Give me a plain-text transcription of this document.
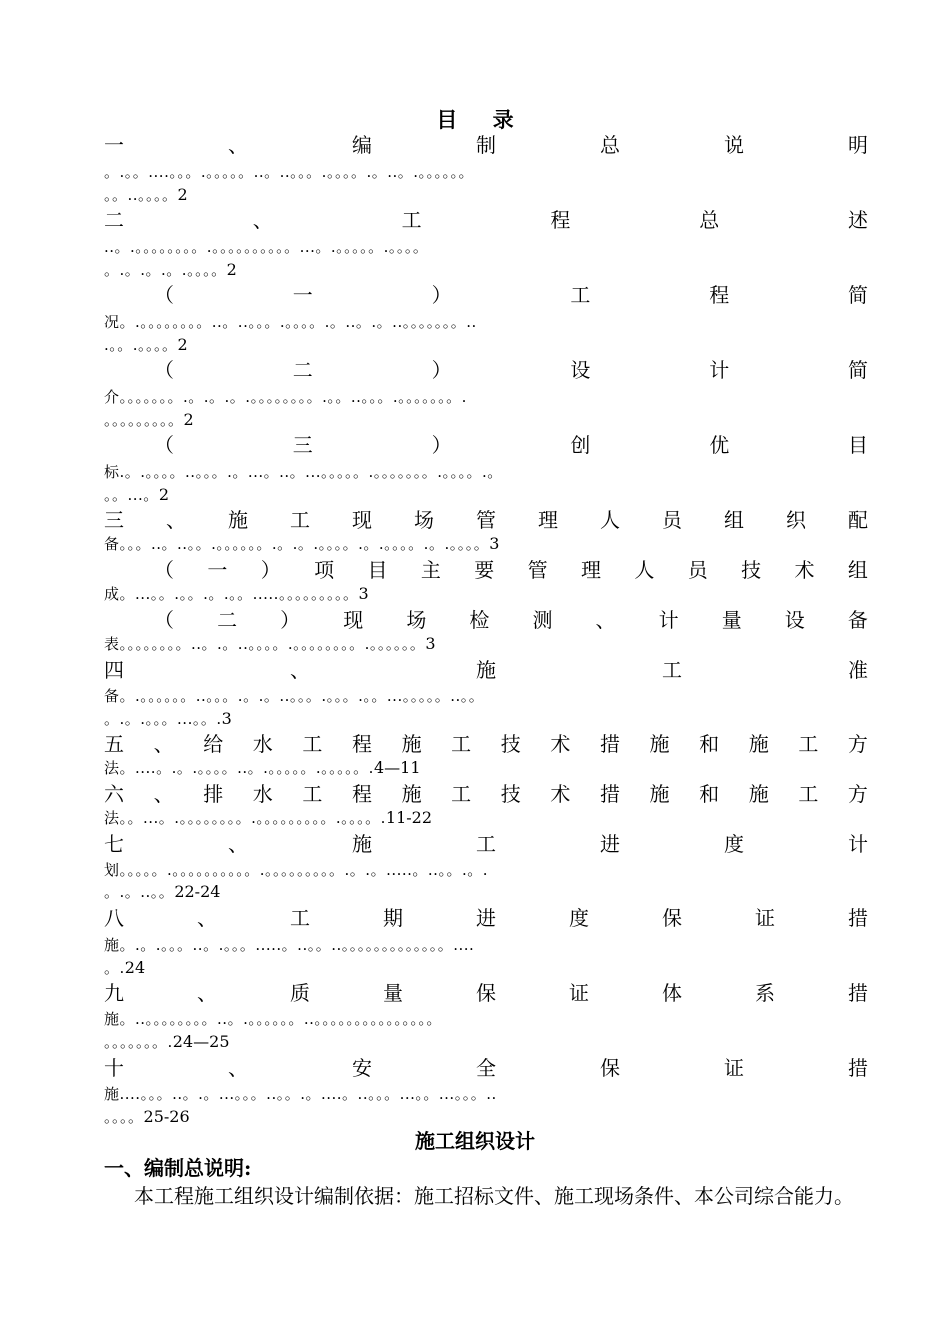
目 录
一	、	编	制	总	说	明
。.。。....。。。.。。。。。..。..。。。.。。。。.。..。.。。。。。。
。。..。。。。2
二	、	工	程	总	述
..。.。。。。。。。。.。。。。。。。。。。...。.。。。。。.。。。。
。.。.。.。.。。。。2
（	一	）	工	程	简
况。.。。。。。。。。..。..。。。.。。。。.。..。.。..。。。。。。。..
.。。.。。。。2
（	二	）	设	计	简
介。。。。。。。.。.。.。.。。。。。。。。.。。..。。。.。。。。。。。.
。。。。。。。。。2
（	三	）	创	优	目
标.。.。。。。..。。。.。...。..。...。。。。。.。。。。。。。.。。。。.。
。。...。2
三 、 施 工 现 场 管 理 人 员 组 织 配
备。。。..。..。。.。。。。。。.。.。.。。。。.。.。。。。.。.。。。。3
（ 一 ） 项 目 主 要 管 理 人 员 技 术 组
成。...。。.。。.。.。。.....。。。。。。。。。3
（ 二 ） 现 场 检 测 、 计 量 设 备
表。。。。。。。。..。.。..。。。。.。。。。。。。。.。。。。。。3
四	、	施	工	准
备。.。。。。。。..。。。.。.。..。。。.。。。.。。...。。。。。..。。
。.。.。。。...。。.3
五 、 给 水 工 程 施 工 技 术 措 施 和 施 工 方
法。....。.。.。。。。..。.。。。。。.。。。。。.4—11
六 、 排 水 工 程 施 工 技 术 措 施 和 施 工 方
法。。...。.。。。。。。。。.。。。。。。。。。.。。。。.11-22
七	、	施	工	进	度	计
划。。。。。.。。。。。。。。。。.。。。。。。。。。.。.。.....。..。。.。.
。.。..。。22-24
八	、	工	期	进	度	保	证	措
施。.。.。。。..。.。。。.....。..。。..。。。。。。。。。。。。。....
。.24
九	、	质	量	保	证	体	系	措
施。..。。。。。。。。..。.。。。。。。..。。。。。。。。。。。。。。。
。。。。。。。.24—25
十	、	安	全	保	证	措
施....。。。..。.。...。。。..。。.。....。..。。。...。。...。。。..
。。。。25-26
施工组织设计
一、编制总说明:
本工程施工组织设计编制依据：施工招标文件、施工现场条件、本公司综合能力。
